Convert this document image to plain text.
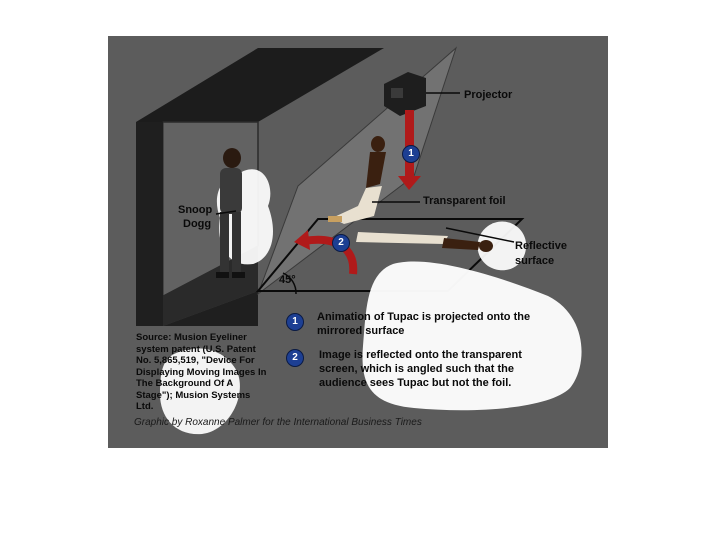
Projector
Transparent foil
Snoop
Dogg
Reflective
surface
45°
1
2
1	Animation of Tupac is projected onto the mirrored surface
2	Image is reflected onto the transparent screen, which is angled such that the audience sees Tupac but not the foil.
Source: Musion Eyeliner system patent (U.S. Patent No. 5,865,519, "Device For Displaying Moving Images In The Background Of A Stage"); Musion Systems Ltd.
Graphic by Roxanne Palmer for the International Business Times
